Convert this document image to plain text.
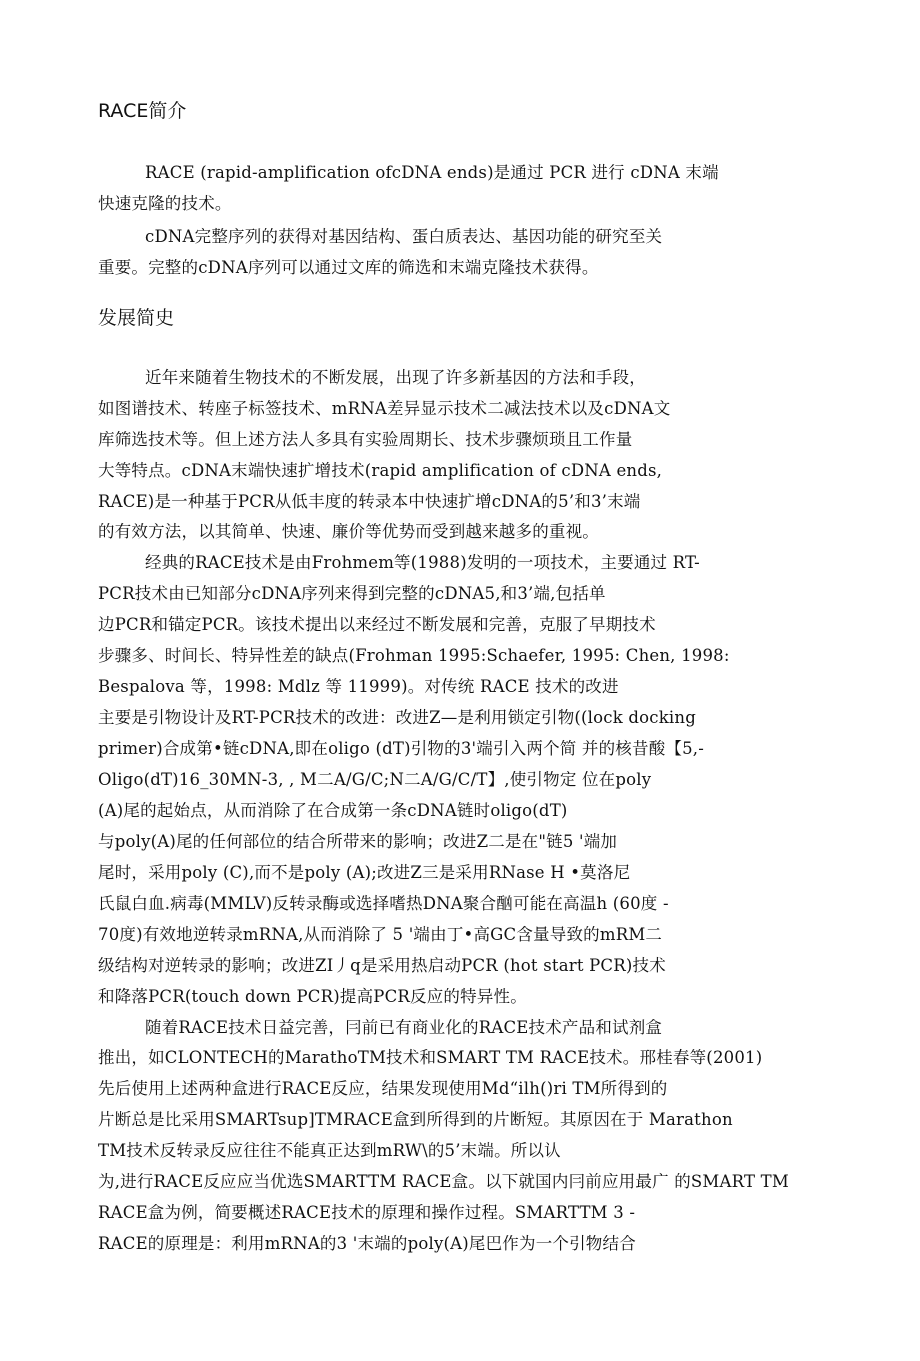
RACE简介

RACE (rapid-amplification ofcDNA ends)是通过 PCR 进行 cDNA 末端

快速克隆的技术。

cDNA完整序列的获得对基因结构、蛋白质表达、基因功能的研究至关

重要。完整的cDNA序列可以通过文库的筛选和末端克隆技术获得。

发展简史

近年来随着生物技术的不断发展，出现了许多新基因的方法和手段，

如图谱技术、转座子标签技术、mRNA差异显示技术二减法技术以及cDNA文

库筛选技术等。但上述方法人多具有实验周期长、技术步骤烦琐且工作量

大等特点。cDNA末端快速扩增技术(rapid amplification of cDNA ends,

RACE)是一种基于PCR从低丰度的转录本中快速扩增cDNA的5’和3’末端

的有效方法，以其简单、快速、廉价等优势而受到越来越多的重视。

经典的RACE技术是由Frohmem等(1988)发明的一项技术，主要通过 RT-

PCR技术由已知部分cDNA序列来得到完整的cDNA5,和3’端,包括单

边PCR和锚定PCR。该技术提出以来经过不断发展和完善，克服了早期技术

步骤多、时间长、特异性差的缺点(Frohman 1995:Schaefer, 1995: Chen, 1998:

Bespalova 等，1998: Mdlz 等 11999)。对传统 RACE 技术的改进

主要是引物设计及RT-PCR技术的改进：改进Z—是利用锁定引物((lock docking

primer)合成第•链cDNA,即在oligo (dT)引物的3'端引入两个简 并的核昔酸【5,-

Oligo(dT)16_30MN-3, , M二A/G/C;N二A/G/C/T】,使引物定 位在poly

(A)尾的起始点，从而消除了在合成第一条cDNA链时oligo(dT)

与poly(A)尾的任何部位的结合所带来的影响；改进Z二是在"链5 '端加

尾时，采用poly (C),而不是poly (A);改进Z三是采用RNase H •莫洛尼

氏鼠白血.病毒(MMLV)反转录酶或选择嗜热DNA聚合酗可能在高温h (60度 -

70度)有效地逆转录mRNA,从而消除了 5 '端由丁•高GC含量导致的mRM二

级结构对逆转录的影响；改进ZI丿q是采用热启动PCR (hot start PCR)技术

和降落PCR(touch down PCR)提高PCR反应的特异性。

随着RACE技术日益完善，冃前已有商业化的RACE技术产品和试剂盒

推出，如CLONTECH的MarathoTM技术和SMART TM RACE技术。邢桂春等(2001)

先后使用上述两种盒进行RACE反应，结果发现使用Md“ilh()ri TM所得到的

片断总是比采用SMARTsup]TMRACE盒到所得到的片断短。其原因在于 Marathon

TM技术反转录反应往往不能真正达到mRW\的5’末端。所以认

为,进行RACE反应应当优选SMARTTM RACE盒。以下就国内冃前应用最广 的SMART TM

RACE盒为例，简要概述RACE技术的原理和操作过程。SMARTTM 3 -

RACE的原理是：利用mRNA的3 '末端的poly(A)尾巴作为一个引物结合
